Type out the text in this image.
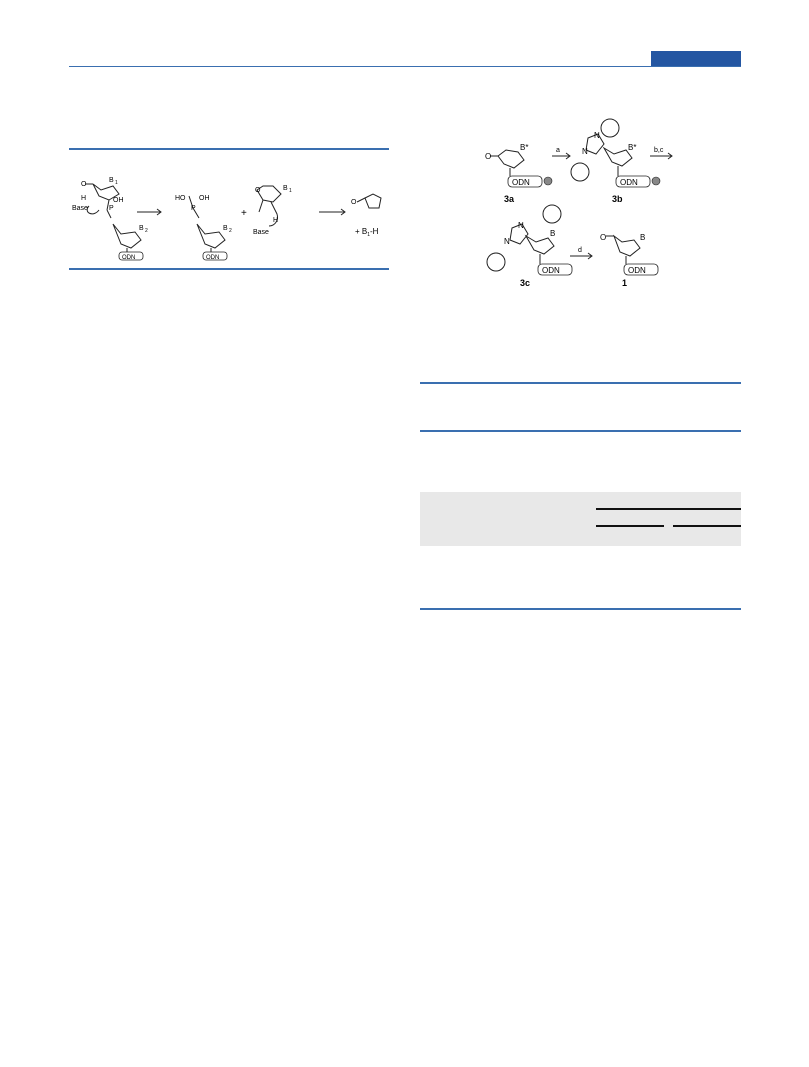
O
B 1
Base
H
P
OH
B 2
ODN
HO
P
OH
B 2
ODN
+
O	B 1
H
Base
O
+ $B_1-H$
O
B*
ODN
3a
a
N
N	B*
ODN
3b
b,c
N
N
B
ODN
3c
d
O	B
ODN
1
